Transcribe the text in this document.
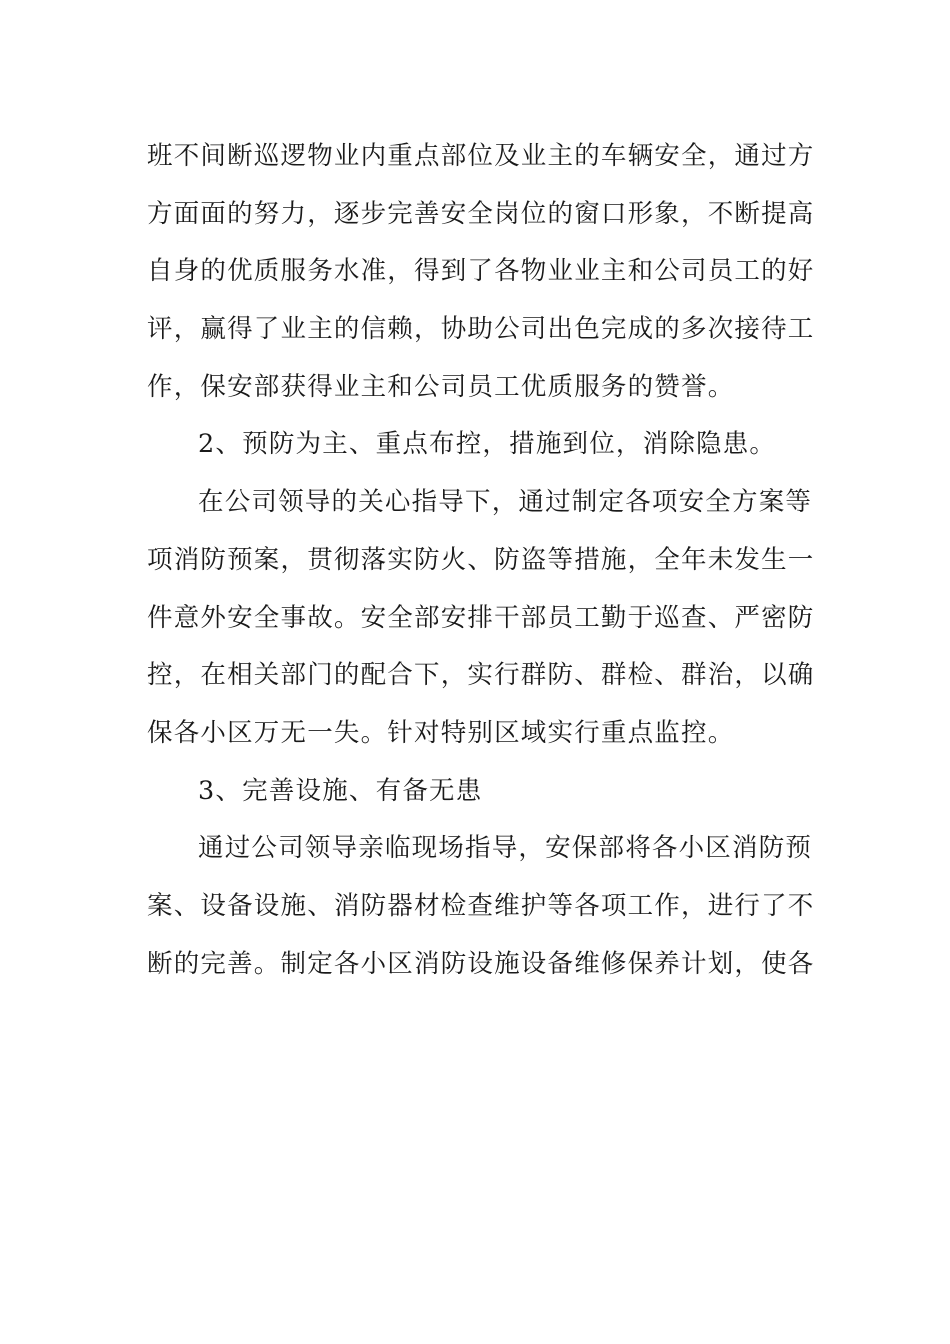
班不间断巡逻物业内重点部位及业主的车辆安全，通过方
方面面的努力，逐步完善安全岗位的窗口形象，不断提高
自身的优质服务水准，得到了各物业业主和公司员工的好
评，赢得了业主的信赖，协助公司出色完成的多次接待工
作，保安部获得业主和公司员工优质服务的赞誉。
2、预防为主、重点布控，措施到位，消除隐患。
在公司领导的关心指导下，通过制定各项安全方案等
项消防预案，贯彻落实防火、防盗等措施，全年未发生一
件意外安全事故。安全部安排干部员工勤于巡查、严密防
控，在相关部门的配合下，实行群防、群检、群治，以确
保各小区万无一失。针对特别区域实行重点监控。
3、完善设施、有备无患
通过公司领导亲临现场指导，安保部将各小区消防预
案、设备设施、消防器材检查维护等各项工作，进行了不
断的完善。制定各小区消防设施设备维修保养计划，使各
